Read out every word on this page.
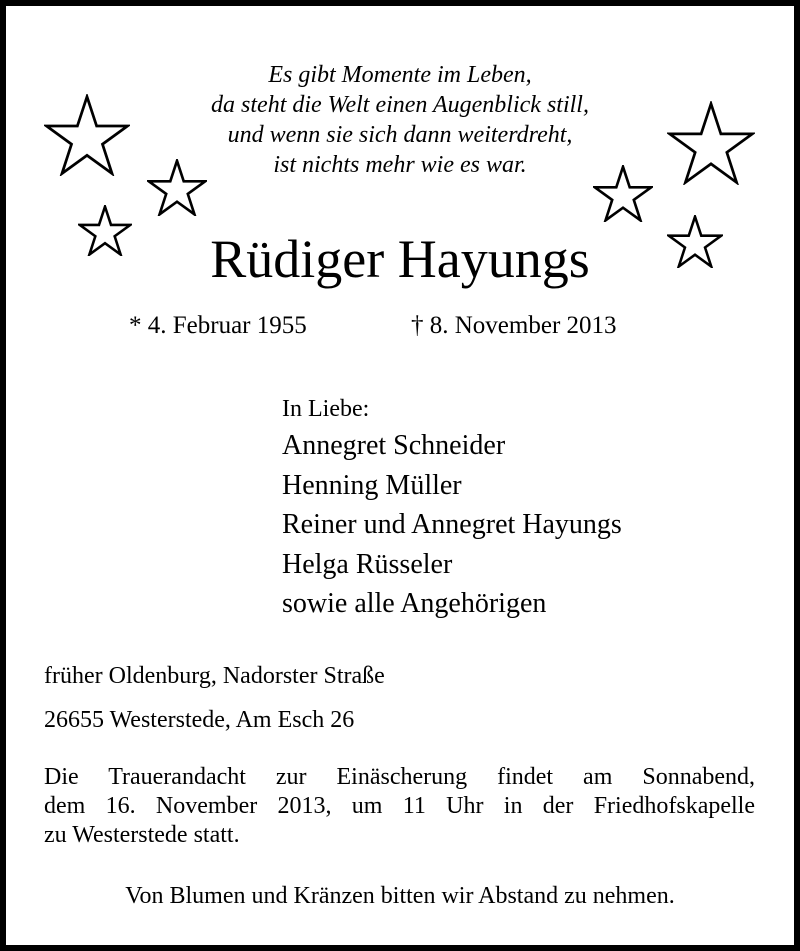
Es gibt Momente im Leben,
da steht die Welt einen Augenblick still,
und wenn sie sich dann weiterdreht,
ist nichts mehr wie es war.
Rüdiger Hayungs
* 4. Februar 1955	† 8. November 2013
In Liebe:
Annegret Schneider
Henning Müller
Reiner und Annegret Hayungs
Helga Rüsseler
sowie alle Angehörigen
früher Oldenburg, Nadorster Straße
26655 Westerstede, Am Esch 26
Die Trauerandacht zur Einäscherung findet am Sonnabend,
dem 16. November 2013, um 11 Uhr in der Friedhofskapelle
zu Westerstede statt.
Von Blumen und Kränzen bitten wir Abstand zu nehmen.
